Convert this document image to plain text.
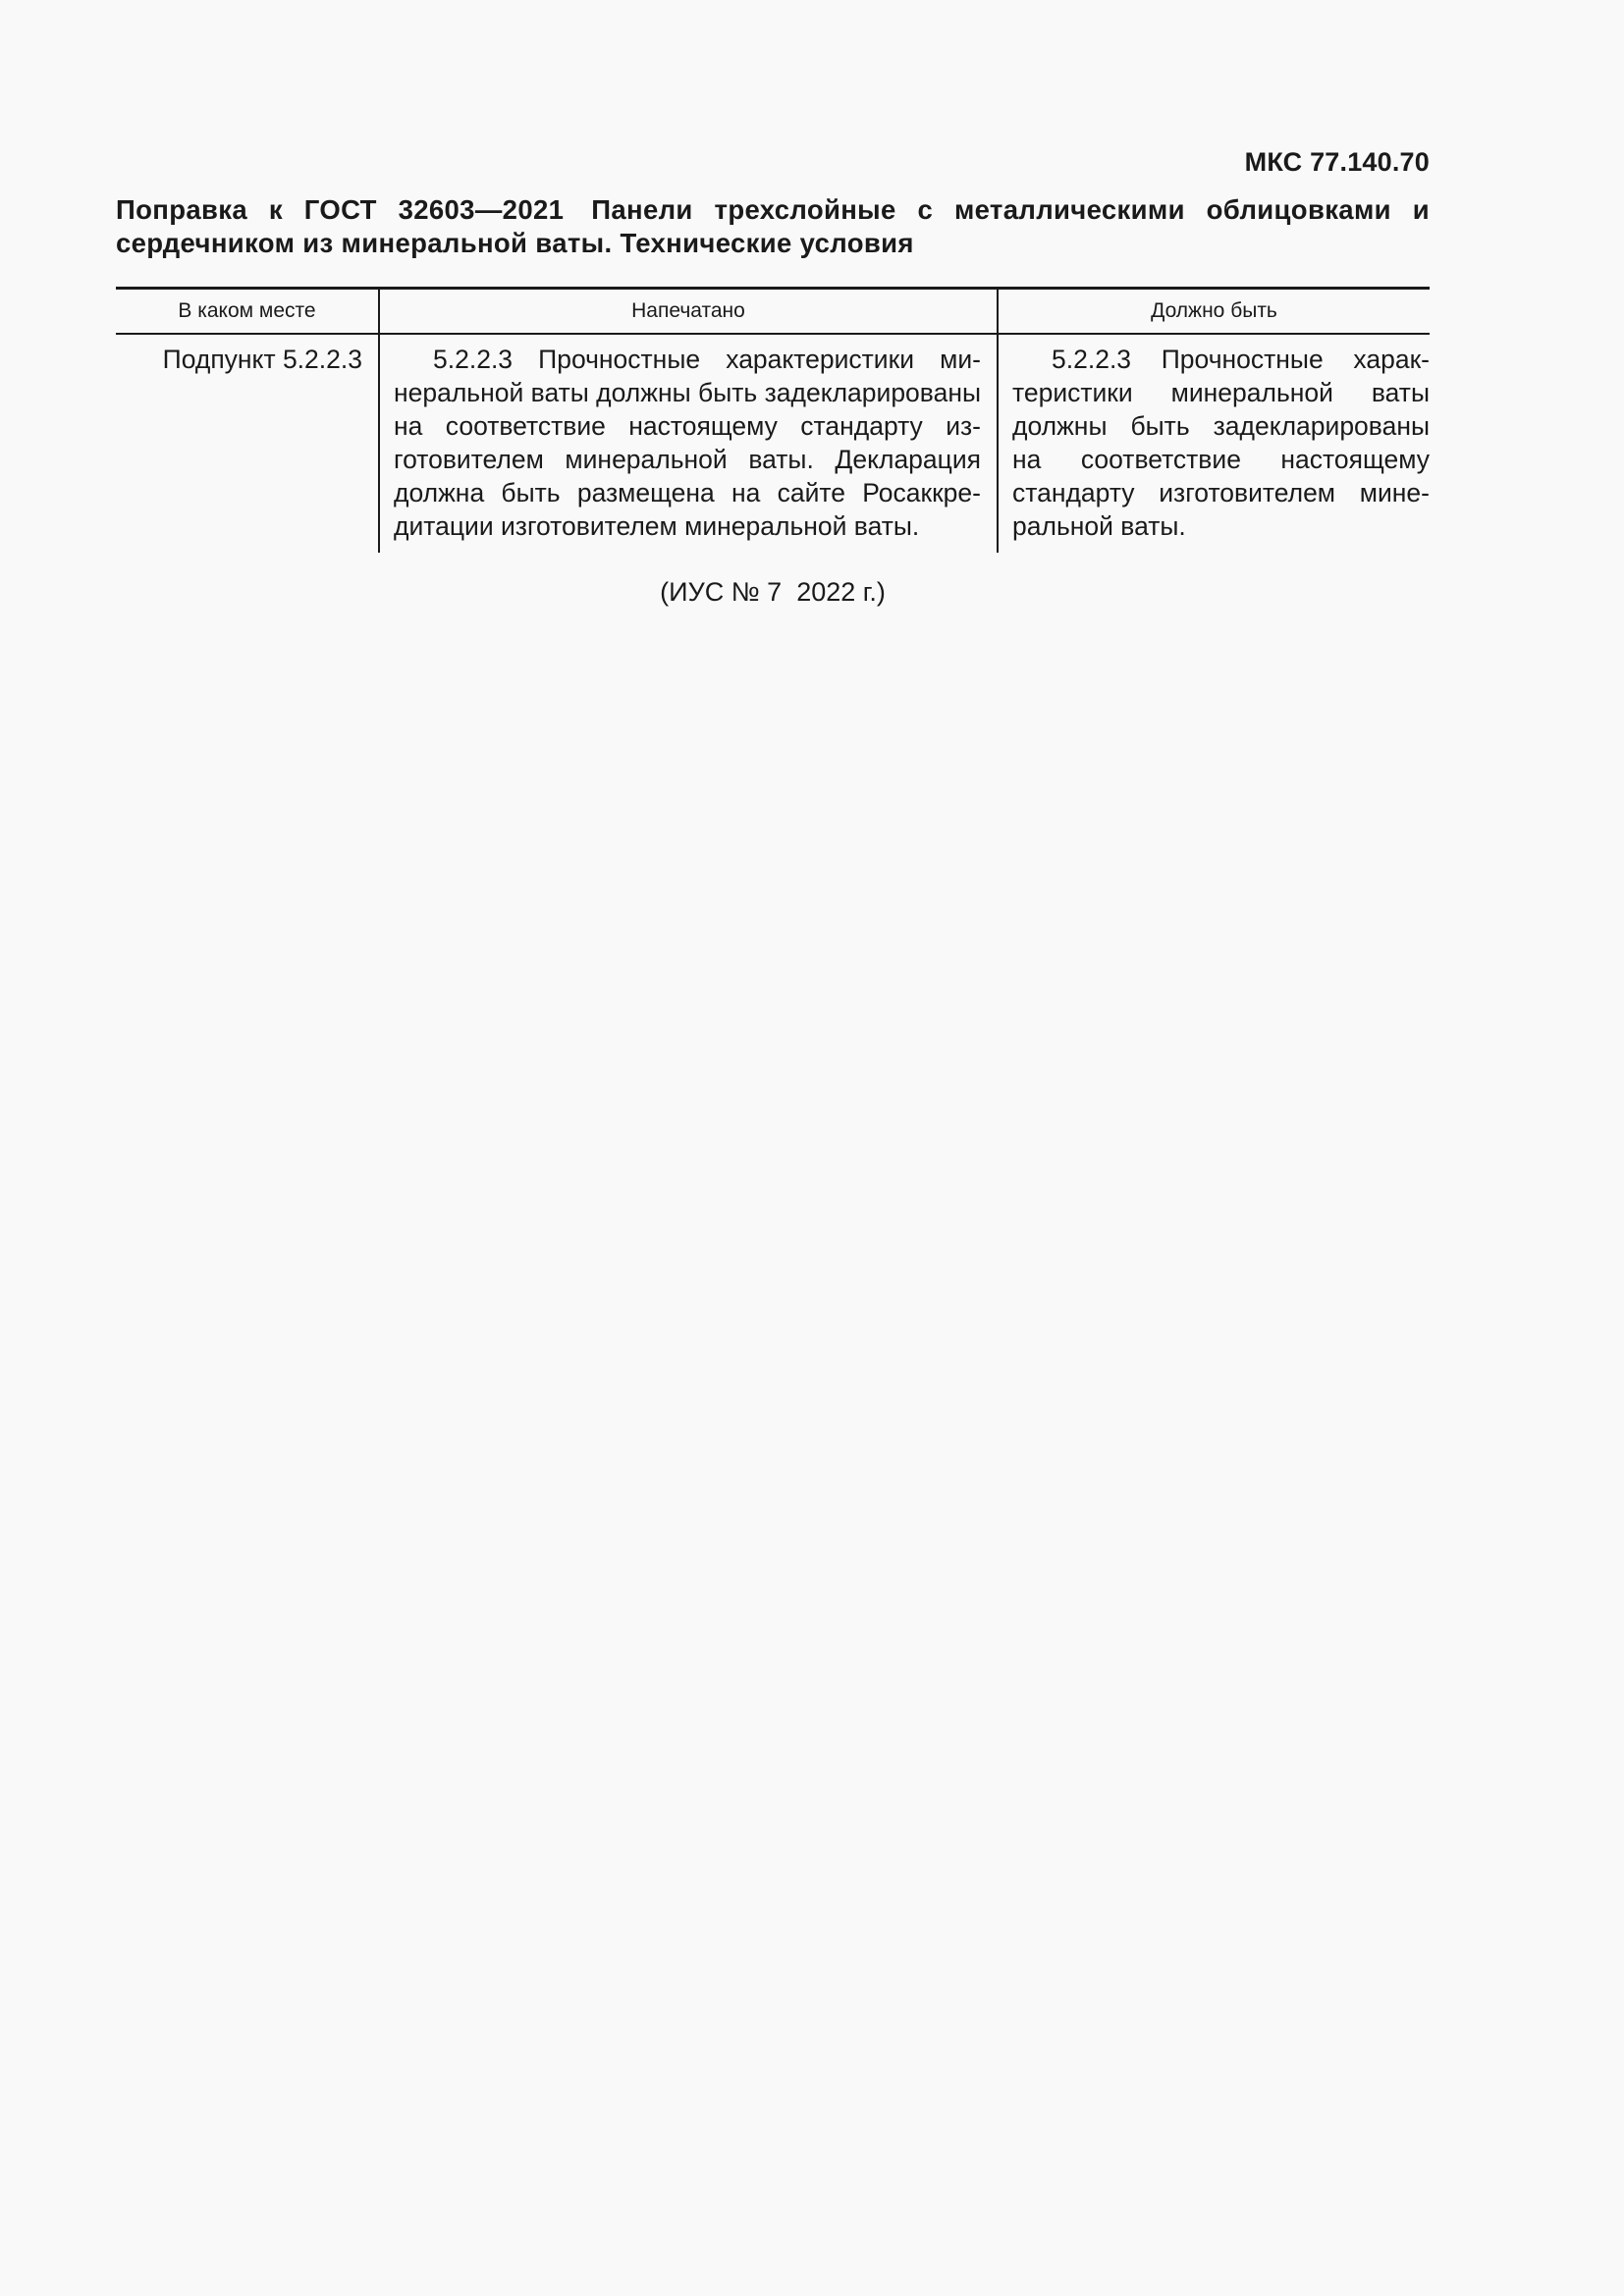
МКС 77.140.70
Поправка к ГОСТ 32603—2021 Панели трехслойные с металлическими облицовками и сердечником из минеральной ваты. Технические условия
В каком месте	Напечатано	Должно быть
Подпункт 5.2.2.3	5.2.2.3 Прочностные характеристики минеральной ваты должны быть задекларированы на соответствие настоящему стандарту изготовителем минеральной ваты. Декларация должна быть размещена на сайте Росаккредитации изготовителем минеральной ваты.	5.2.2.3 Прочностные характеристики минеральной ваты должны быть задекларированы на соответствие настоящему стандарту изготовителем минеральной ваты.
(ИУС № 7  2022 г.)
